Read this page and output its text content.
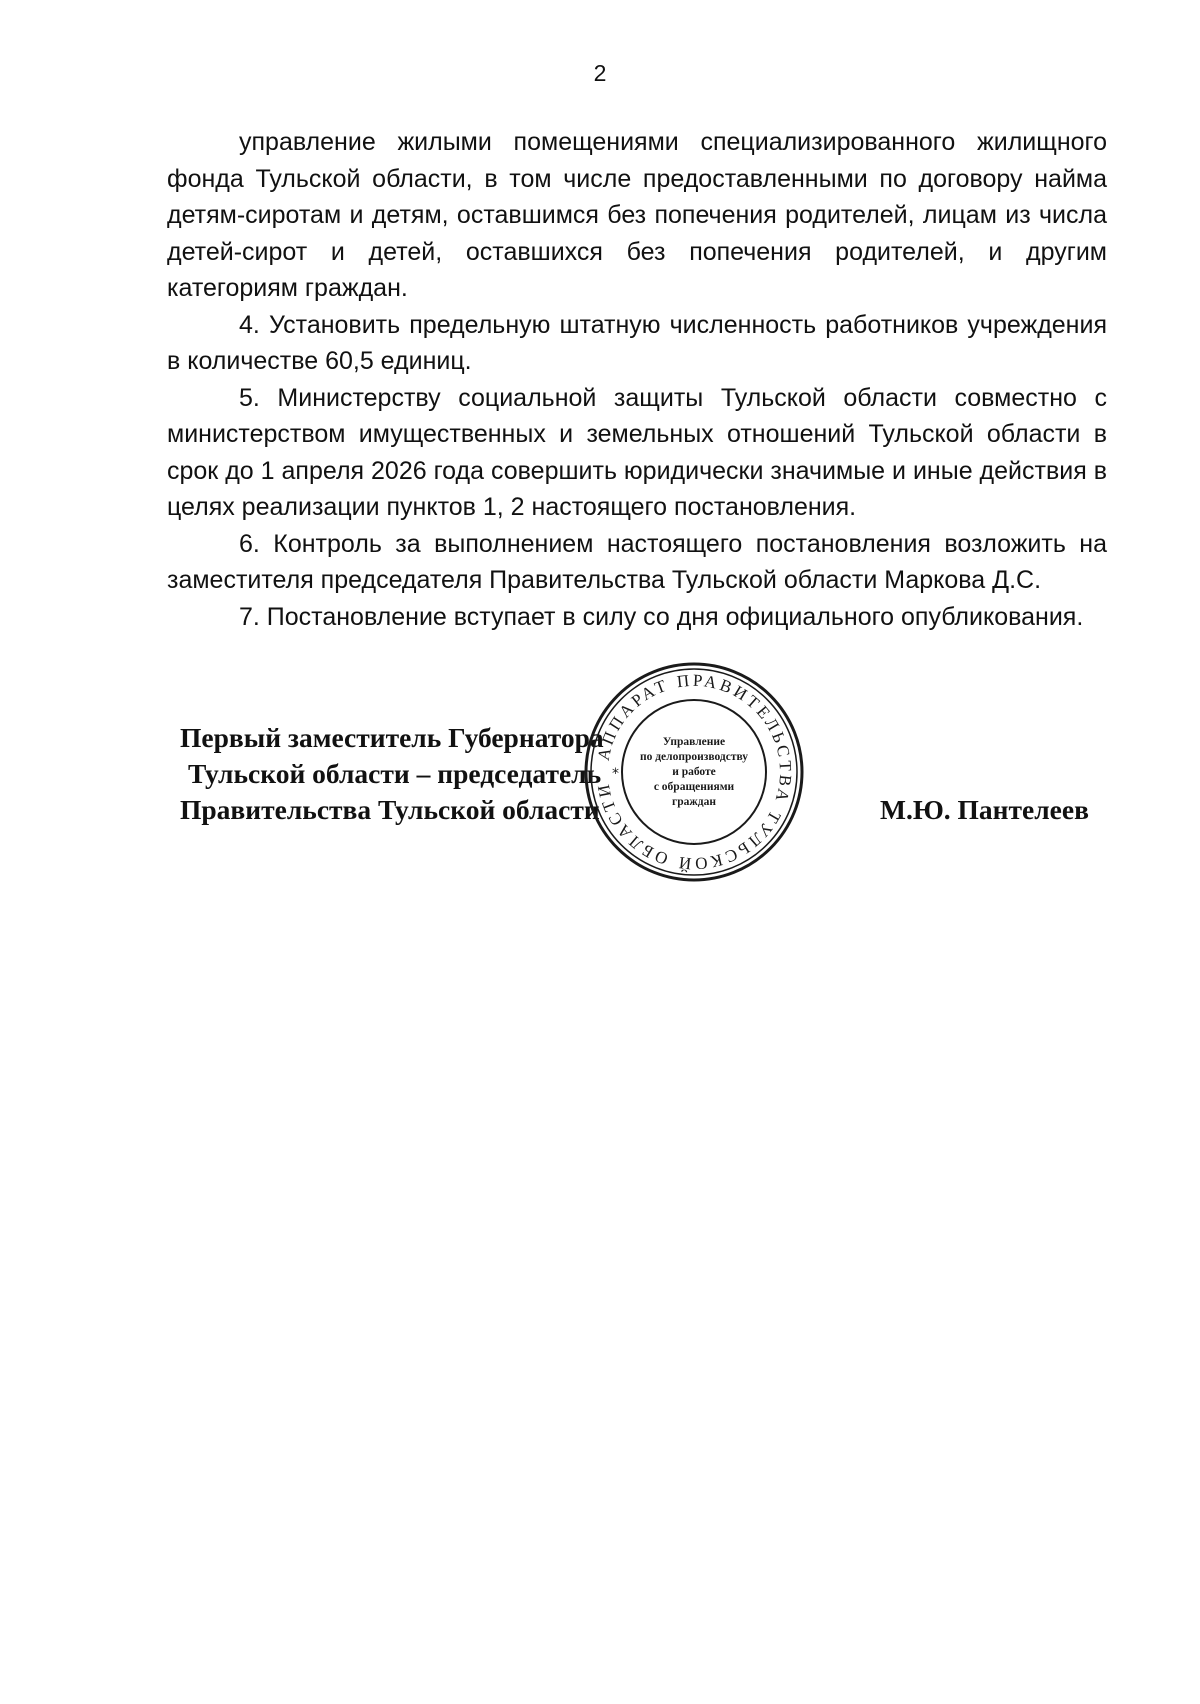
2

управление жилыми помещениями специализированного жилищного фонда Тульской области, в том числе предоставленными по договору найма детям-сиротам и детям, оставшимся без попечения родителей, лицам из числа детей-сирот и детей, оставшихся без попечения родителей, и другим категориям граждан.

4. Установить предельную штатную численность работников учреждения в количестве 60,5 единиц.

5. Министерству социальной защиты Тульской области совместно с министерством имущественных и земельных отношений Тульской области в срок до 1 апреля 2026 года совершить юридически значимые и иные действия в целях реализации пунктов 1, 2 настоящего постановления.

6. Контроль за выполнением настоящего постановления возложить на заместителя председателя Правительства Тульской области Маркова Д.С.

7. Постановление вступает в силу со дня официального опубликования.

Первый заместитель Губернатора
Тульской области – председатель
Правительства Тульской области	М.Ю. Пантелеев
АППАРАТ ПРАВИТЕЛЬСТВА ТУЛЬСКОЙ ОБЛАСТИ
*
Управление
по делопроизводству
и работе
с обращениями
граждан
